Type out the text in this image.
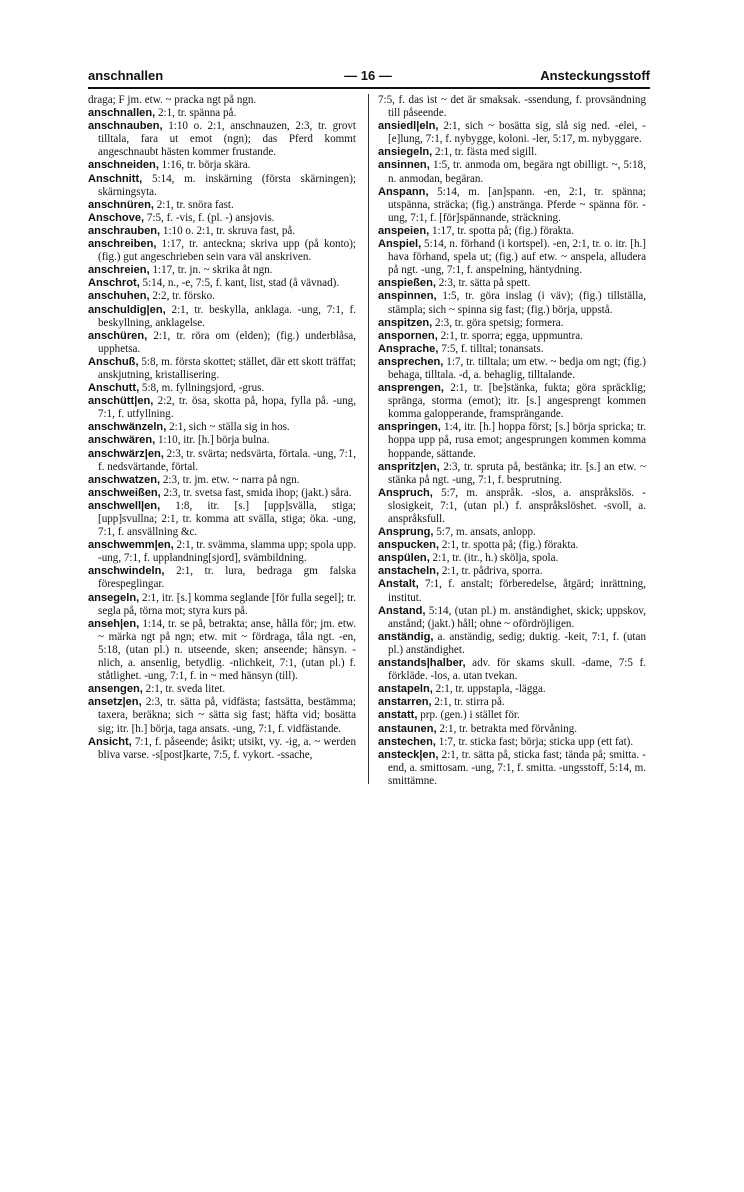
anschnallen	— 16 —	Ansteckungsstoff

draga; F jm. etw. ~ pracka ngt på ngn.

anschnallen, 2:1, tr. spänna på.

anschnauben, 1:10 o. 2:1, anschnauzen, 2:3, tr. grovt tilltala, fara ut emot (ngn); das Pferd kommt angeschnaubt hästen kommer frustande.

anschneiden, 1:16, tr. börja skära.

Anschnitt, 5:14, m. inskärning (första skärningen); skärningsyta.

anschnüren, 2:1, tr. snöra fast.

Anschove, 7:5, f. -vis, f. (pl. -) ansjovis.

anschrauben, 1:10 o. 2:1, tr. skruva fast, på.

anschreiben, 1:17, tr. anteckna; skriva upp (på konto); (fig.) gut angeschrieben sein vara väl anskriven.

anschreien, 1:17, tr. jn. ~ skrika åt ngn.

Anschrot, 5:14, n., -e, 7:5, f. kant, list, stad (å vävnad).

anschuhen, 2:2, tr. försko.

anschuldig|en, 2:1, tr. beskylla, anklaga. -ung, 7:1, f. beskyllning, anklagelse.

anschüren, 2:1, tr. röra om (elden); (fig.) underblåsa, upphetsa.

Anschuß, 5:8, m. första skottet; stället, där ett skott träffat; anskjutning, kristallisering.

Anschutt, 5:8, m. fyllningsjord, -grus.

anschütt|en, 2:2, tr. ösa, skotta på, hopa, fylla på. -ung, 7:1, f. utfyllning.

anschwänzeln, 2:1, sich ~ ställa sig in hos.

anschwären, 1:10, itr. [h.] börja bulna.

anschwärz|en, 2:3, tr. svärta; nedsvärta, förtala. -ung, 7:1, f. nedsvärtande, förtal.

anschwatzen, 2:3, tr. jm. etw. ~ narra på ngn.

anschweißen, 2:3, tr. svetsa fast, smida ihop; (jakt.) såra.

anschwell|en, 1:8, itr. [s.] [upp]svälla, stiga; [upp]svullna; 2:1, tr. komma att svälla, stiga; öka. -ung, 7:1, f. ansvällning &c.

anschwemm|en, 2:1, tr. svämma, slamma upp; spola upp. -ung, 7:1, f. upplandning[sjord], svämbildning.

anschwindeln, 2:1, tr. lura, bedraga gm falska förespeglingar.

ansegeln, 2:1, itr. [s.] komma seglande [för fulla segel]; tr. segla på, törna mot; styra kurs på.

anseh|en, 1:14, tr. se på, betrakta; anse, hålla för; jm. etw. ~ märka ngt på ngn; etw. mit ~ fördraga, tåla ngt. -en, 5:18, (utan pl.) n. utseende, sken; anseende; hänsyn. -nlich, a. ansenlig, betydlig. -nlichkeit, 7:1, (utan pl.) f. ståtlighet. -ung, 7:1, f. in ~ med hänsyn (till).

ansengen, 2:1, tr. sveda litet.

ansetz|en, 2:3, tr. sätta på, vidfästa; fastsätta, bestämma; taxera, beräkna; sich ~ sätta sig fast; häfta vid; bosätta sig; itr. [h.] börja, taga ansats. -ung, 7:1, f. vidfästande.

Ansicht, 7:1, f. påseende; åsikt; utsikt, vy. -ig, a. ~ werden bliva varse. -s[post]karte, 7:5, f. vykort. -ssache,

7:5, f. das ist ~ det är smaksak. -ssendung, f. provsändning till påseende.

ansiedl|eln, 2:1, sich ~ bosätta sig, slå sig ned. -elei, -[e]lung, 7:1, f. nybygge, koloni. -ler, 5:17, m. nybyggare.

ansiegeln, 2:1, tr. fästa med sigill.

ansinnen, 1:5, tr. anmoda om, begära ngt obilligt. ~, 5:18, n. anmodan, begäran.

Anspann, 5:14, m. [an]spann. -en, 2:1, tr. spänna; utspänna, sträcka; (fig.) anstränga. Pferde ~ spänna för. -ung, 7:1, f. [för]spännande, sträckning.

anspeien, 1:17, tr. spotta på; (fig.) förakta.

Anspiel, 5:14, n. förhand (i kortspel). -en, 2:1, tr. o. itr. [h.] hava förhand, spela ut; (fig.) auf etw. ~ anspela, alludera på ngt. -ung, 7:1, f. anspelning, häntydning.

anspießen, 2:3, tr. sätta på spett.

anspinnen, 1:5, tr. göra inslag (i väv); (fig.) tillställa, stämpla; sich ~ spinna sig fast; (fig.) börja, uppstå.

anspitzen, 2:3, tr. göra spetsig; formera.

anspornen, 2:1, tr. sporra; egga, uppmuntra.

Ansprache, 7:5, f. tilltal; tonansats.

ansprechen, 1:7, tr. tilltala; um etw. ~ bedja om ngt; (fig.) behaga, tilltala. -d, a. behaglig, tilltalande.

ansprengen, 2:1, tr. [be]stänka, fukta; göra spräcklig; spränga, storma (emot); itr. [s.] angesprengt kommen komma galopperande, framsprängande.

anspringen, 1:4, itr. [h.] hoppa först; [s.] börja spricka; tr. hoppa upp på, rusa emot; angesprungen kommen komma hoppande, sättande.

anspritz|en, 2:3, tr. spruta på, bestänka; itr. [s.] an etw. ~ stänka på ngt. -ung, 7:1, f. besprutning.

Anspruch, 5:7, m. anspråk. -slos, a. anspråkslös. -slosigkeit, 7:1, (utan pl.) f. anspråkslöshet. -svoll, a. anspråksfull.

Ansprung, 5:7, m. ansats, anlopp.

anspucken, 2:1, tr. spotta på; (fig.) förakta.

anspülen, 2:1, tr. (itr., h.) skölja, spola.

anstacheln, 2:1, tr. pådriva, sporra.

Anstalt, 7:1, f. anstalt; förberedelse, åtgärd; inrättning, institut.

Anstand, 5:14, (utan pl.) m. anständighet, skick; uppskov, anstånd; (jakt.) håll; ohne ~ ofördröjligen.

anständig, a. anständig, sedig; duktig. -keit, 7:1, f. (utan pl.) anständighet.

anstands|halber, adv. för skams skull. -dame, 7:5 f. förkläde. -los, a. utan tvekan.

anstapeln, 2:1, tr. uppstapla, -lägga.

anstarren, 2:1, tr. stirra på.

anstatt, prp. (gen.) i stället för.

anstaunen, 2:1, tr. betrakta med förvåning.

anstechen, 1:7, tr. sticka fast; börja; sticka upp (ett fat).

ansteck|en, 2:1, tr. sätta på, sticka fast; tända på; smitta. -end, a. smittosam. -ung, 7:1, f. smitta. -ungsstoff, 5:14, m. smittämne.
